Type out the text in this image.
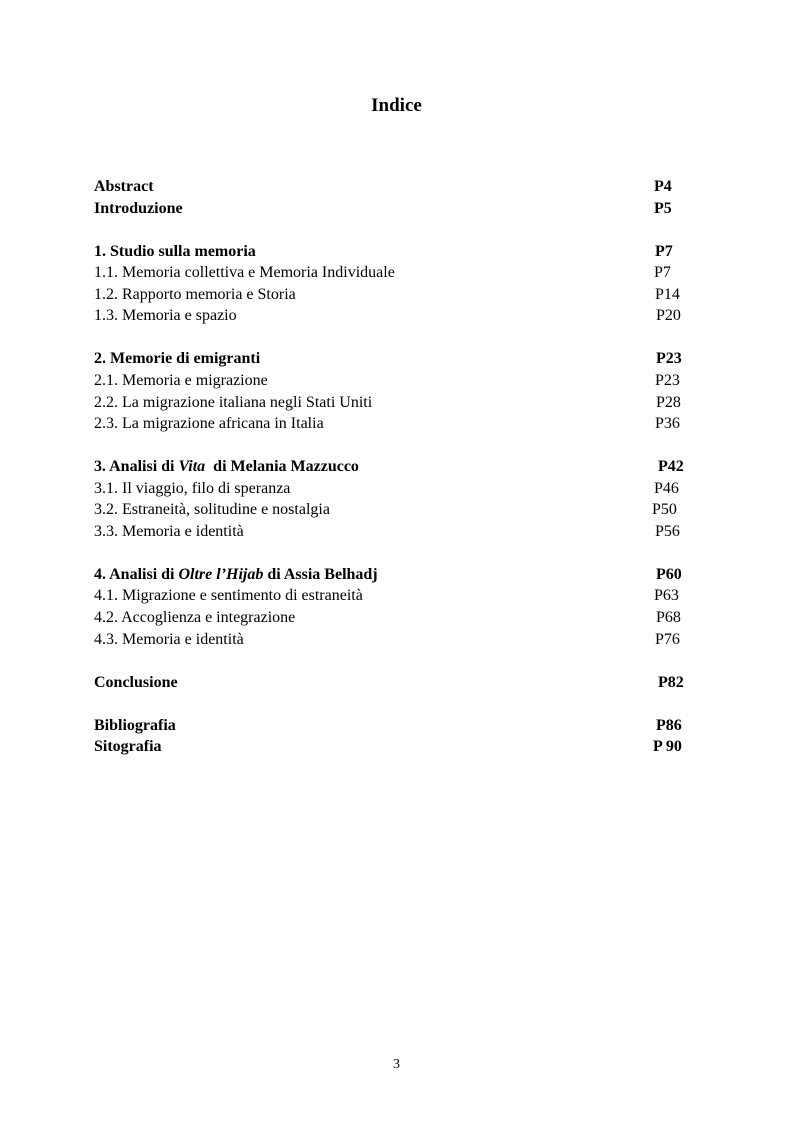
Indice
Abstract	P4
Introduzione	P5
1. Studio sulla memoria	P7
1.1. Memoria collettiva e Memoria Individuale	P7
1.2. Rapporto memoria e Storia	P14
1.3. Memoria e spazio	P20
2. Memorie di emigranti	P23
2.1. Memoria e migrazione	P23
2.2. La migrazione italiana negli Stati Uniti	P28
2.3. La migrazione africana in Italia	P36
3. Analisi di Vita  di Melania Mazzucco	P42
3.1. Il viaggio, filo di speranza	P46
3.2. Estraneità, solitudine e nostalgia	P50
3.3. Memoria e identità	P56
4. Analisi di Oltre l’Hijab di Assia Belhadj	P60
4.1. Migrazione e sentimento di estraneità	P63
4.2. Accoglienza e integrazione	P68
4.3. Memoria e identità	P76
Conclusione	P82
Bibliografia	P86
Sitografia	P 90
3
